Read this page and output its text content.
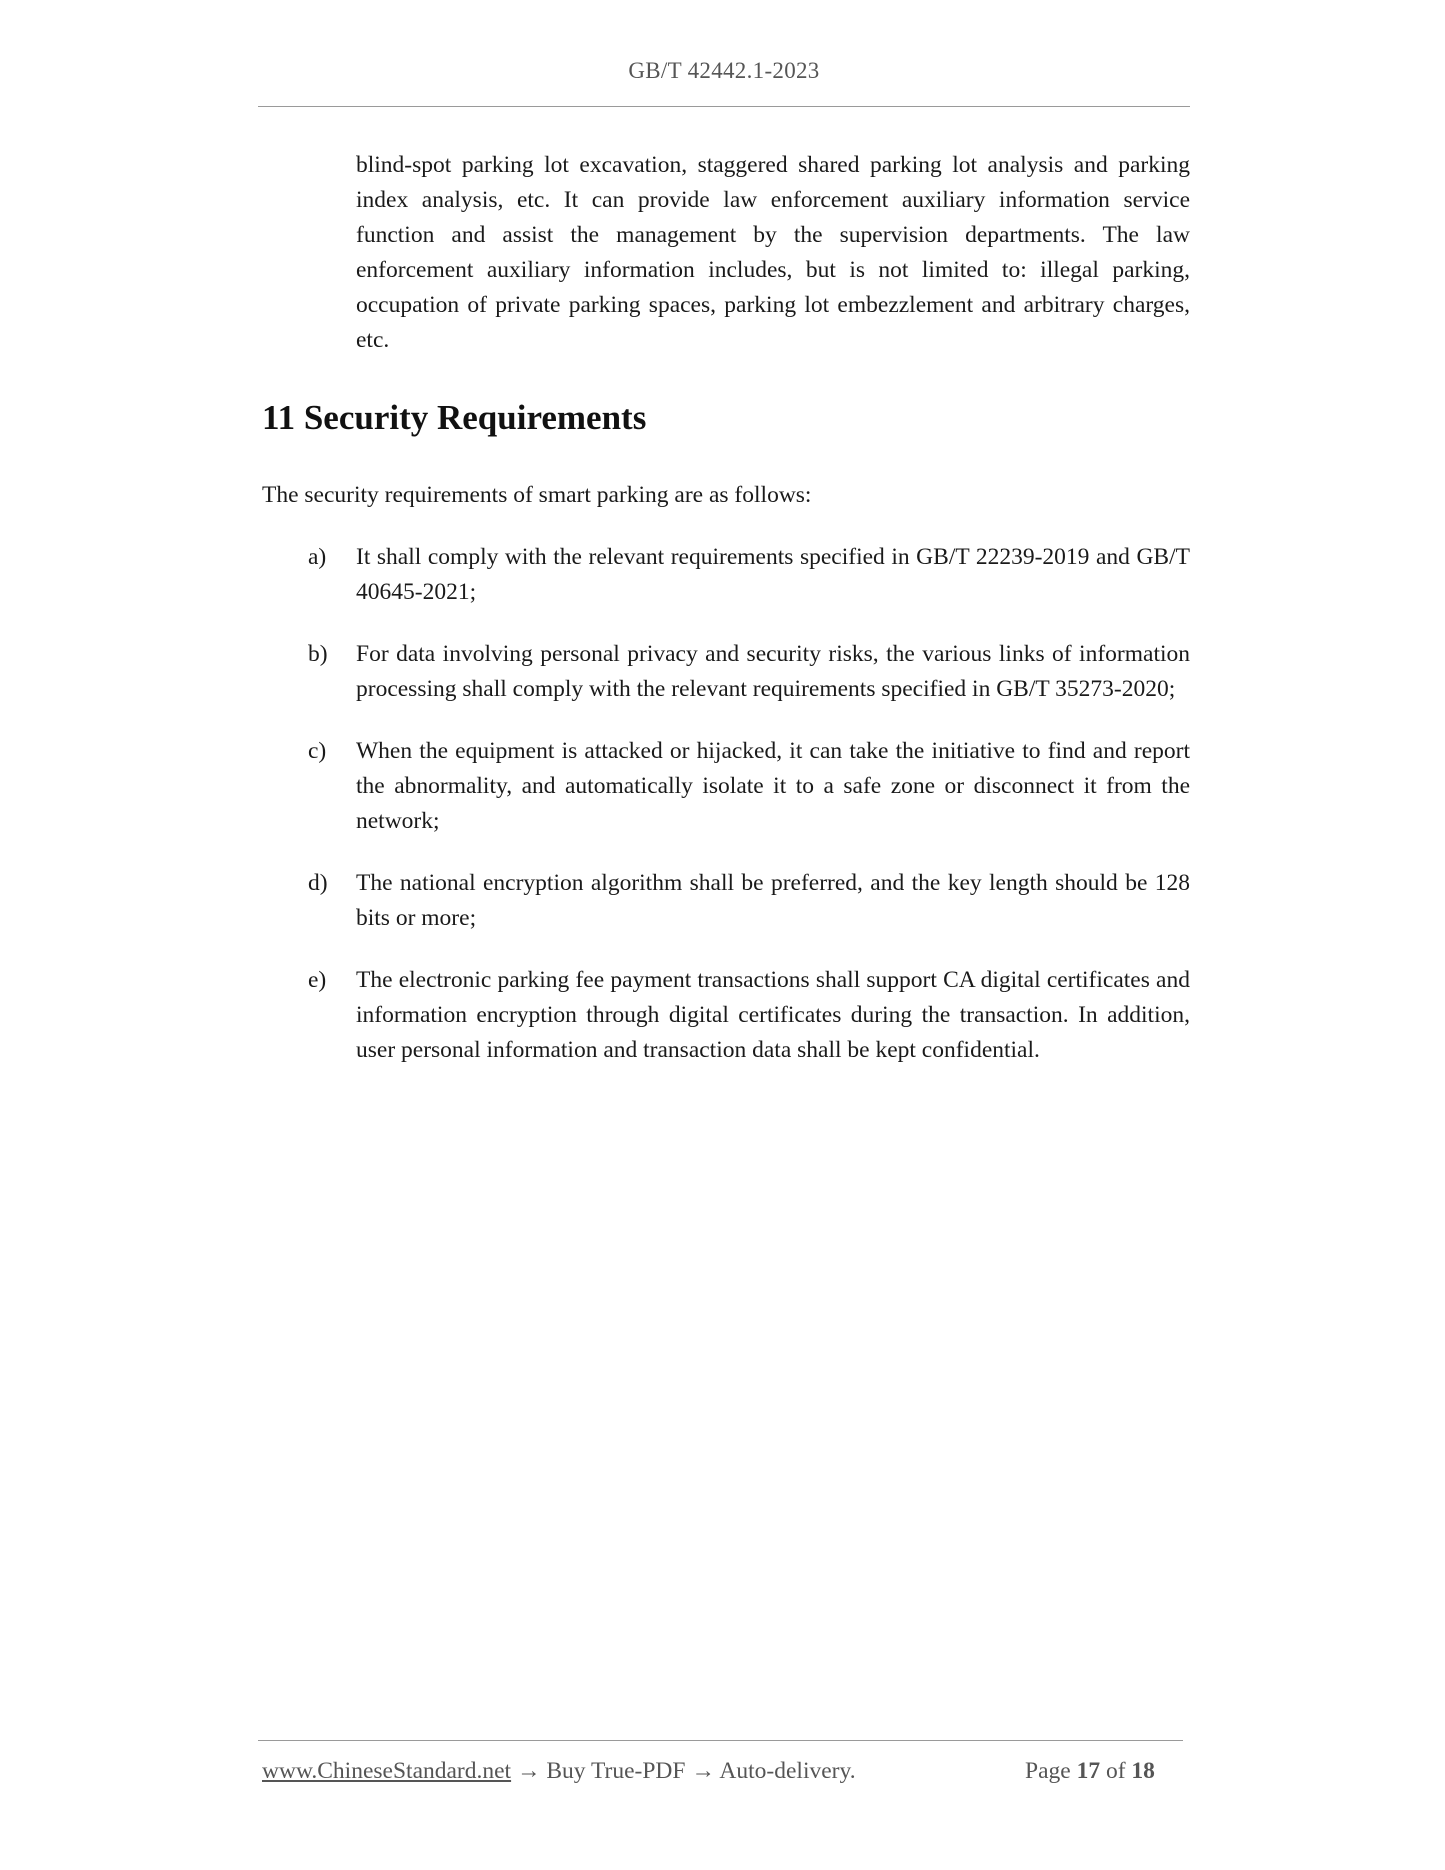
GB/T 42442.1-2023

blind-spot parking lot excavation, staggered shared parking lot analysis and parking index analysis, etc. It can provide law enforcement auxiliary information service function and assist the management by the supervision departments. The law enforcement auxiliary information includes, but is not limited to: illegal parking, occupation of private parking spaces, parking lot embezzlement and arbitrary charges, etc.

11 Security Requirements

The security requirements of smart parking are as follows:

a)	It shall comply with the relevant requirements specified in GB/T 22239-2019 and GB/T 40645-2021;

b)	For data involving personal privacy and security risks, the various links of information processing shall comply with the relevant requirements specified in GB/T 35273-2020;

c)	When the equipment is attacked or hijacked, it can take the initiative to find and report the abnormality, and automatically isolate it to a safe zone or disconnect it from the network;

d)	The national encryption algorithm shall be preferred, and the key length should be 128 bits or more;

e)	The electronic parking fee payment transactions shall support CA digital certificates and information encryption through digital certificates during the transaction. In addition, user personal information and transaction data shall be kept confidential.

www.ChineseStandard.net → Buy True-PDF → Auto-delivery.	Page 17 of 18
